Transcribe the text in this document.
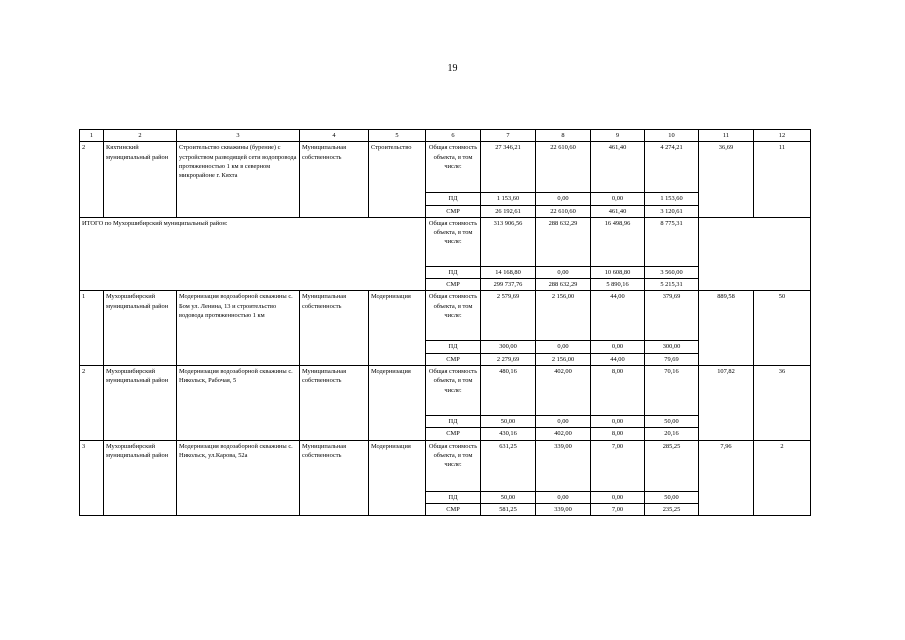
19
1	2	3	4	5	6	7	8	9	10	11	12
2	Кяхтинский муниципальный район	Строительство скважины (бурение) с устройством разводящей сети водопровода протяженностью 1 км в северном микрорайоне г. Кяхта	Муниципальная собственность	Строительство	Общая стоимость объекта, в том числе:	27 346,21	22 610,60	461,40	4 274,21	36,69	11
					ПД	1 153,60	0,00	0,00	1 153,60		
					СМР	26 192,61	22 610,60	461,40	3 120,61		
ИТОГО по Мухоршибирский муниципальный район:					Общая стоимость объекта, в том числе:	313 906,56	288 632,29	16 498,96	8 775,31		
					ПД	14 168,80	0,00	10 608,80	3 560,00		
					СМР	299 737,76	288 632,29	5 890,16	5 215,31		
1	Мухоршибирский муниципальный район	Модернизация водозаборной скважины с. Бом ул. Ленина, 13 и строительство водовода протяженностью 1 км	Муниципальная собственность	Модернизация	Общая стоимость объекта, в том числе:	2 579,69	2 156,00	44,00	379,69	889,58	50
					ПД	300,00	0,00	0,00	300,00		
					СМР	2 279,69	2 156,00	44,00	79,69		
2	Мухоршибирский муниципальный район	Модернизация водозаборной скважины с. Никольск, Рабочая, 5	Муниципальная собственность	Модернизация	Общая стоимость объекта, в том числе:	480,16	402,00	8,00	70,16	107,82	36
					ПД	50,00	0,00	0,00	50,00		
					СМР	430,16	402,00	8,00	20,16		
3	Мухоршибирский муниципальный район	Модернизация водозаборной скважины с. Никольск, ул.Карова, 52а	Муниципальная собственность	Модернизация	Общая стоимость объекта, в том числе:	631,25	339,00	7,00	285,25	7,96	2
					ПД	50,00	0,00	0,00	50,00		
					СМР	581,25	339,00	7,00	235,25		
